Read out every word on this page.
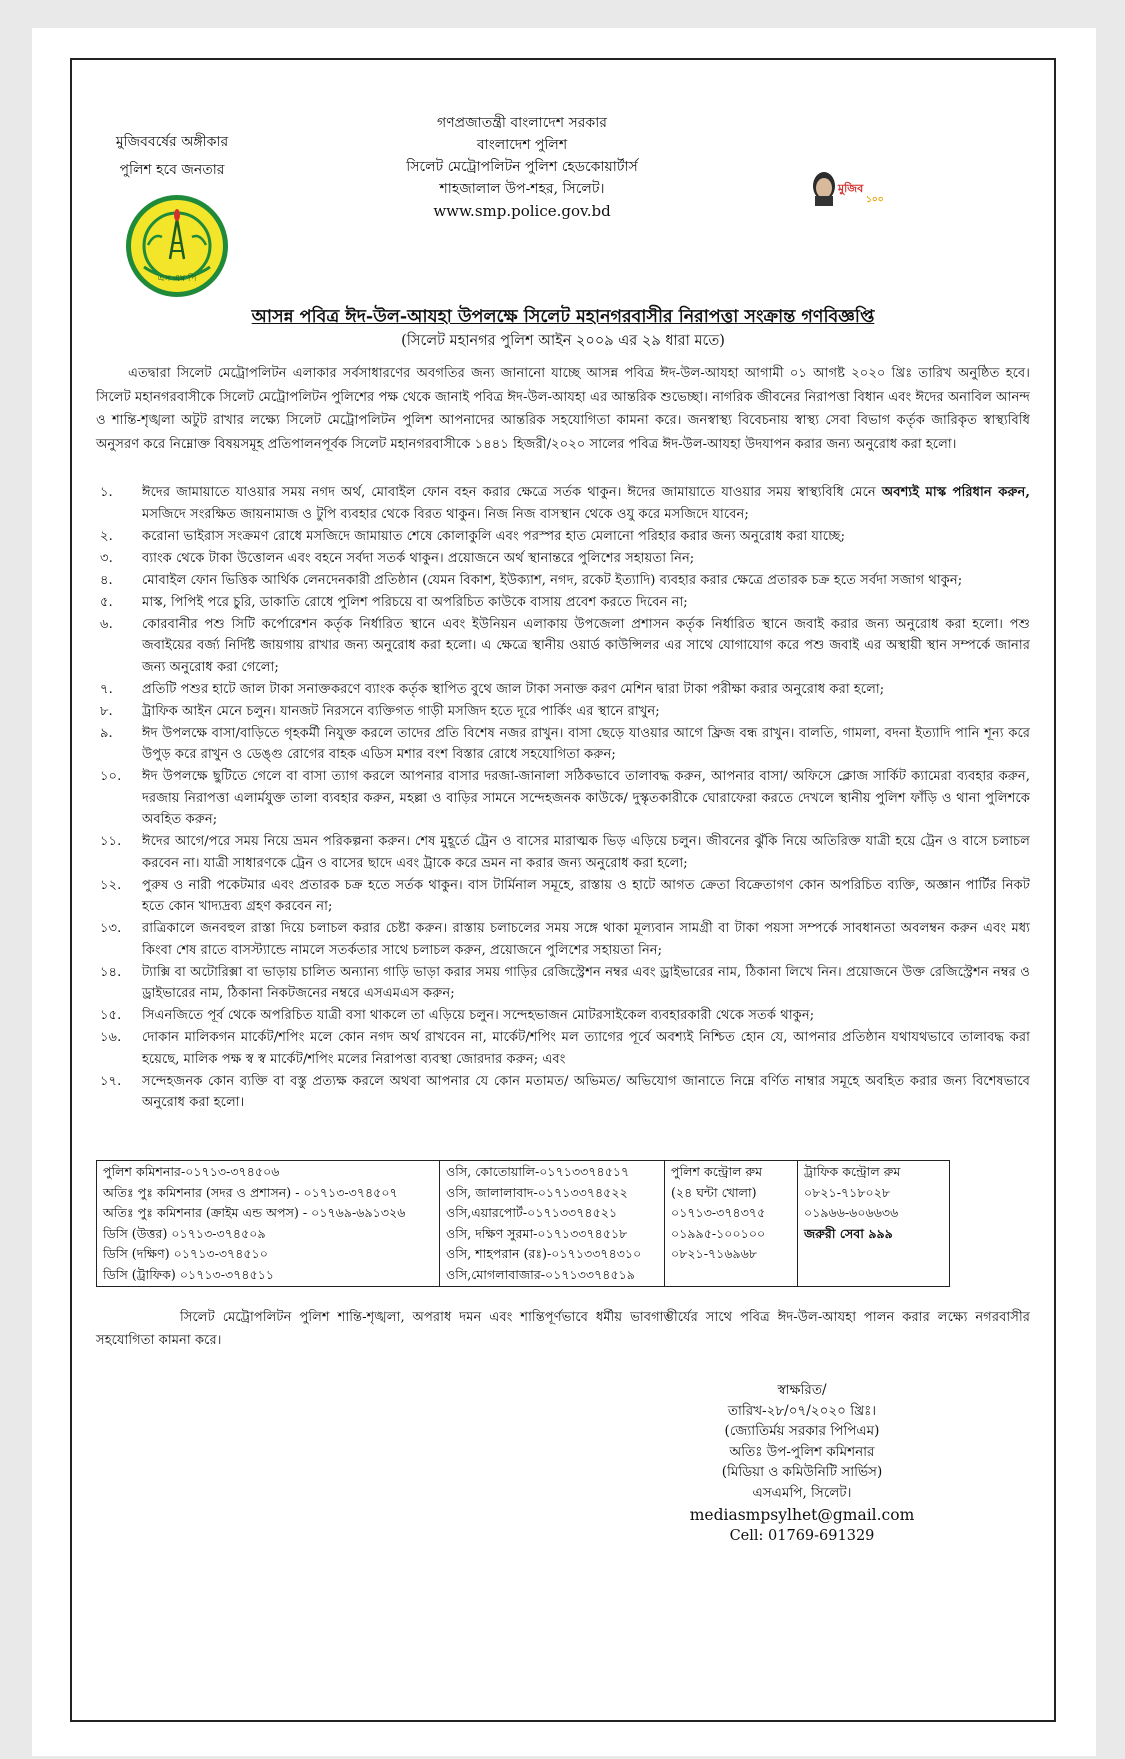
মুজিববর্ষের অঙ্গীকার
পুলিশ হবে জনতার
এস এম পি
গণপ্রজাতন্ত্রী বাংলাদেশ সরকার
বাংলাদেশ পুলিশ
সিলেট মেট্রোপলিটন পুলিশ হেডকোয়ার্টার্স
শাহজালাল উপ-শহর, সিলেট।
www.smp.police.gov.bd
মুজিব
১০০
আসন্ন পবিত্র ঈদ-উল-আযহা উপলক্ষে সিলেট মহানগরবাসীর নিরাপত্তা সংক্রান্ত গণবিজ্ঞপ্তি
(সিলেট মহানগর পুলিশ আইন ২০০৯ এর ২৯ ধারা মতে)
এতদ্বারা সিলেট মেট্রোপলিটন এলাকার সর্বসাধারণের অবগতির জন্য জানানো যাচ্ছে আসন্ন পবিত্র ঈদ-উল-আযহা আগামী ০১ আগষ্ট ২০২০ খ্রিঃ তারিখ অনুষ্ঠিত হবে। সিলেট মহানগরবাসীকে সিলেট মেট্রোপলিটন পুলিশের পক্ষ থেকে জানাই পবিত্র ঈদ-উল-আযহা এর আন্তরিক শুভেচ্ছা। নাগরিক জীবনের নিরাপত্তা বিধান এবং ঈদের অনাবিল আনন্দ ও শান্তি-শৃঙ্খলা অটুট রাখার লক্ষ্যে সিলেট মেট্রোপলিটন পুলিশ আপনাদের আন্তরিক সহযোগিতা কামনা করে। জনস্বাস্থ্য বিবেচনায় স্বাস্থ্য সেবা বিভাগ কর্তৃক জারিকৃত স্বাস্থ্যবিধি অনুসরণ করে নিম্নোক্ত বিষয়সমূহ প্রতিপালনপূর্বক সিলেট মহানগরবাসীকে ১৪৪১ হিজরী/২০২০ সালের পবিত্র ঈদ-উল-আযহা উদযাপন করার জন্য অনুরোধ করা হলো।
১.	ঈদের জামায়াতে যাওয়ার সময় নগদ অর্থ, মোবাইল ফোন বহন করার ক্ষেত্রে সর্তক থাকুন। ঈদের জামায়াতে যাওয়ার সময় স্বাস্থ্যবিধি মেনে অবশ্যই মাস্ক পরিধান করুন, মসজিদে সংরক্ষিত জায়নামাজ ও টুপি ব্যবহার থেকে বিরত থাকুন। নিজ নিজ বাসস্থান থেকে ওযু করে মসজিদে যাবেন;
২.	করোনা ভাইরাস সংক্রমণ রোধে মসজিদে জামায়াত শেষে কোলাকুলি এবং পরস্পর হাত মেলানো পরিহার করার জন্য অনুরোধ করা যাচ্ছে;
৩.	ব্যাংক থেকে টাকা উত্তোলন এবং বহনে সর্বদা সতর্ক থাকুন। প্রয়োজনে অর্থ স্থানান্তরে পুলিশের সহায়তা নিন;
৪.	মোবাইল ফোন ভিত্তিক আর্থিক লেনদেনকারী প্রতিষ্ঠান (যেমন বিকাশ, ইউক্যাশ, নগদ, রকেট ইত্যাদি) ব্যবহার করার ক্ষেত্রে প্রতারক চক্র হতে সর্বদা সজাগ থাকুন;
৫.	মাস্ক, পিপিই পরে চুরি, ডাকাতি রোধে পুলিশ পরিচয়ে বা অপরিচিত কাউকে বাসায় প্রবেশ করতে দিবেন না;
৬.	কোরবানীর পশু সিটি কর্পোরেশন কর্তৃক নির্ধারিত স্থানে এবং ইউনিয়ন এলাকায় উপজেলা প্রশাসন কর্তৃক নির্ধারিত স্থানে জবাই করার জন্য অনুরোধ করা হলো। পশু জবাইয়ের বর্জ্য নির্দিষ্ট জায়গায় রাখার জন্য অনুরোধ করা হলো। এ ক্ষেত্রে স্থানীয় ওয়ার্ড কাউন্সিলর এর সাথে যোগাযোগ করে পশু জবাই এর অস্থায়ী স্থান সম্পর্কে জানার জন্য অনুরোধ করা গেলো;
৭.	প্রতিটি পশুর হাটে জাল টাকা সনাক্তকরণে ব্যাংক কর্তৃক স্থাপিত বুথে জাল টাকা সনাক্ত করণ মেশিন দ্বারা টাকা পরীক্ষা করার অনুরোধ করা হলো;
৮.	ট্রাফিক আইন মেনে চলুন। যানজট নিরসনে ব্যক্তিগত গাড়ী মসজিদ হতে দূরে পার্কিং এর স্থানে রাখুন;
৯.	ঈদ উপলক্ষে বাসা/বাড়িতে গৃহকর্মী নিযুক্ত করলে তাদের প্রতি বিশেষ নজর রাখুন। বাসা ছেড়ে যাওয়ার আগে ফ্রিজ বন্ধ রাখুন। বালতি, গামলা, বদনা ইত্যাদি পানি শূন্য করে উপুড় করে রাখুন ও ডেঙ্গু রোগের বাহক এডিস মশার বংশ বিস্তার রোধে সহযোগিতা করুন;
১০.	ঈদ উপলক্ষে ছুটিতে গেলে বা বাসা ত্যাগ করলে আপনার বাসার দরজা-জানালা সঠিকভাবে তালাবদ্ধ করুন, আপনার বাসা/ অফিসে ক্লোজ সার্কিট ক্যামেরা ব্যবহার করুন, দরজায় নিরাপত্তা এলার্মযুক্ত তালা ব্যবহার করুন, মহল্লা ও বাড়ির সামনে সন্দেহজনক কাউকে/ দুস্কৃতকারীকে ঘোরাফেরা করতে দেখলে স্থানীয় পুলিশ ফাঁড়ি ও থানা পুলিশকে অবহিত করুন;
১১.	ঈদের আগে/পরে সময় নিয়ে ভ্রমন পরিকল্পনা করুন। শেষ মুহূর্তে ট্রেন ও বাসের মারাত্মক ভিড় এড়িয়ে চলুন। জীবনের ঝুঁকি নিয়ে অতিরিক্ত যাত্রী হয়ে ট্রেন ও বাসে চলাচল করবেন না। যাত্রী সাধারণকে ট্রেন ও বাসের ছাদে এবং ট্রাকে করে ভ্রমন না করার জন্য অনুরোধ করা হলো;
১২.	পুরুষ ও নারী পকেটমার এবং প্রতারক চক্র হতে সর্তক থাকুন। বাস টার্মিনাল সমূহে, রাস্তায় ও হাটে আগত ক্রেতা বিক্রেতাগণ কোন অপরিচিত ব্যক্তি, অজ্ঞান পার্টির নিকট হতে কোন খাদ্যদ্রব্য গ্রহণ করবেন না;
১৩.	রাত্রিকালে জনবহুল রাস্তা দিয়ে চলাচল করার চেষ্টা করুন। রাস্তায় চলাচলের সময় সঙ্গে থাকা মূল্যবান সামগ্রী বা টাকা পয়সা সম্পর্কে সাবধানতা অবলম্বন করুন এবং মধ্য কিংবা শেষ রাতে বাসস্ট্যান্ডে নামলে সতর্কতার সাথে চলাচল করুন, প্রয়োজনে পুলিশের সহায়তা নিন;
১৪.	ট্যাক্সি বা অটোরিক্সা বা ভাড়ায় চালিত অন্যান্য গাড়ি ভাড়া করার সময় গাড়ির রেজিস্ট্রেশন নম্বর এবং ড্রাইভারের নাম, ঠিকানা লিখে নিন। প্রয়োজনে উক্ত রেজিস্ট্রেশন নম্বর ও ড্রাইভারের নাম, ঠিকানা নিকটজনের নম্বরে এসএমএস করুন;
১৫.	সিএনজিতে পূর্ব থেকে অপরিচিত যাত্রী বসা থাকলে তা এড়িয়ে চলুন। সন্দেহভাজন মোটরসাইকেল ব্যবহারকারী থেকে সতর্ক থাকুন;
১৬.	দোকান মালিকগন মার্কেট/শপিং মলে কোন নগদ অর্থ রাখবেন না, মার্কেট/শপিং মল ত্যাগের পূর্বে অবশ্যই নিশ্চিত হোন যে, আপনার প্রতিষ্ঠান যথাযথভাবে তালাবদ্ধ করা হয়েছে, মালিক পক্ষ স্ব স্ব মার্কেট/শপিং মলের নিরাপত্তা ব্যবস্থা জোরদার করুন; এবং
১৭.	সন্দেহজনক কোন ব্যক্তি বা বস্তু প্রত্যক্ষ করলে অথবা আপনার যে কোন মতামত/ অভিমত/ অভিযোগ জানাতে নিম্নে বর্ণিত নাম্বার সমূহে অবহিত করার জন্য বিশেষভাবে অনুরোধ করা হলো।
পুলিশ কমিশনার-০১৭১৩-৩৭৪৫০৬
অতিঃ পুঃ কমিশনার (সদর ও প্রশাসন) - ০১৭১৩-৩৭৪৫০৭
অতিঃ পুঃ কমিশনার (ক্রাইম এন্ড অপস) - ০১৭৬৯-৬৯১৩২৬
ডিসি (উত্তর) ০১৭১৩-৩৭৪৫০৯
ডিসি (দক্ষিণ) ০১৭১৩-৩৭৪৫১০
ডিসি (ট্রাফিক) ০১৭১৩-৩৭৪৫১১

ওসি, কোতোয়ালি-০১৭১৩৩৭৪৫১৭
ওসি, জালালাবাদ-০১৭১৩৩৭৪৫২২
ওসি,এয়ারপোর্ট-০১৭১৩৩৭৪৫২১
ওসি, দক্ষিণ সুরমা-০১৭১৩৩৭৪৫১৮
ওসি, শাহপরান (রঃ)-০১৭১৩৩৭৪৩১০
ওসি,মোগলাবাজার-০১৭১৩৩৭৪৫১৯

পুলিশ কন্ট্রোল রুম
(২৪ ঘন্টা খোলা)
০১৭১৩-৩৭৪৩৭৫
০১৯৯৫-১০০১০০
০৮২১-৭১৬৯৬৮

ট্রাফিক কন্ট্রোল রুম
০৮২১-৭১৮০২৮
০১৯৬৬-৬০৬৬৩৬
জরুরী সেবা ৯৯৯
সিলেট মেট্রোপলিটন পুলিশ শান্তি-শৃঙ্খলা, অপরাধ দমন এবং শান্তিপূর্ণভাবে ধর্মীয় ভাবগাম্ভীর্যের সাথে পবিত্র ঈদ-উল-আযহা পালন করার লক্ষ্যে নগরবাসীর সহযোগিতা কামনা করে।
স্বাক্ষরিত/
তারিখ-২৮/০৭/২০২০ খ্রিঃ।
(জ্যোতির্ময় সরকার পিপিএম)
অতিঃ উপ-পুলিশ কমিশনার
(মিডিয়া ও কমিউনিটি সার্ভিস)
এসএমপি, সিলেট।
mediasmpsylhet@gmail.com
Cell: 01769-691329
